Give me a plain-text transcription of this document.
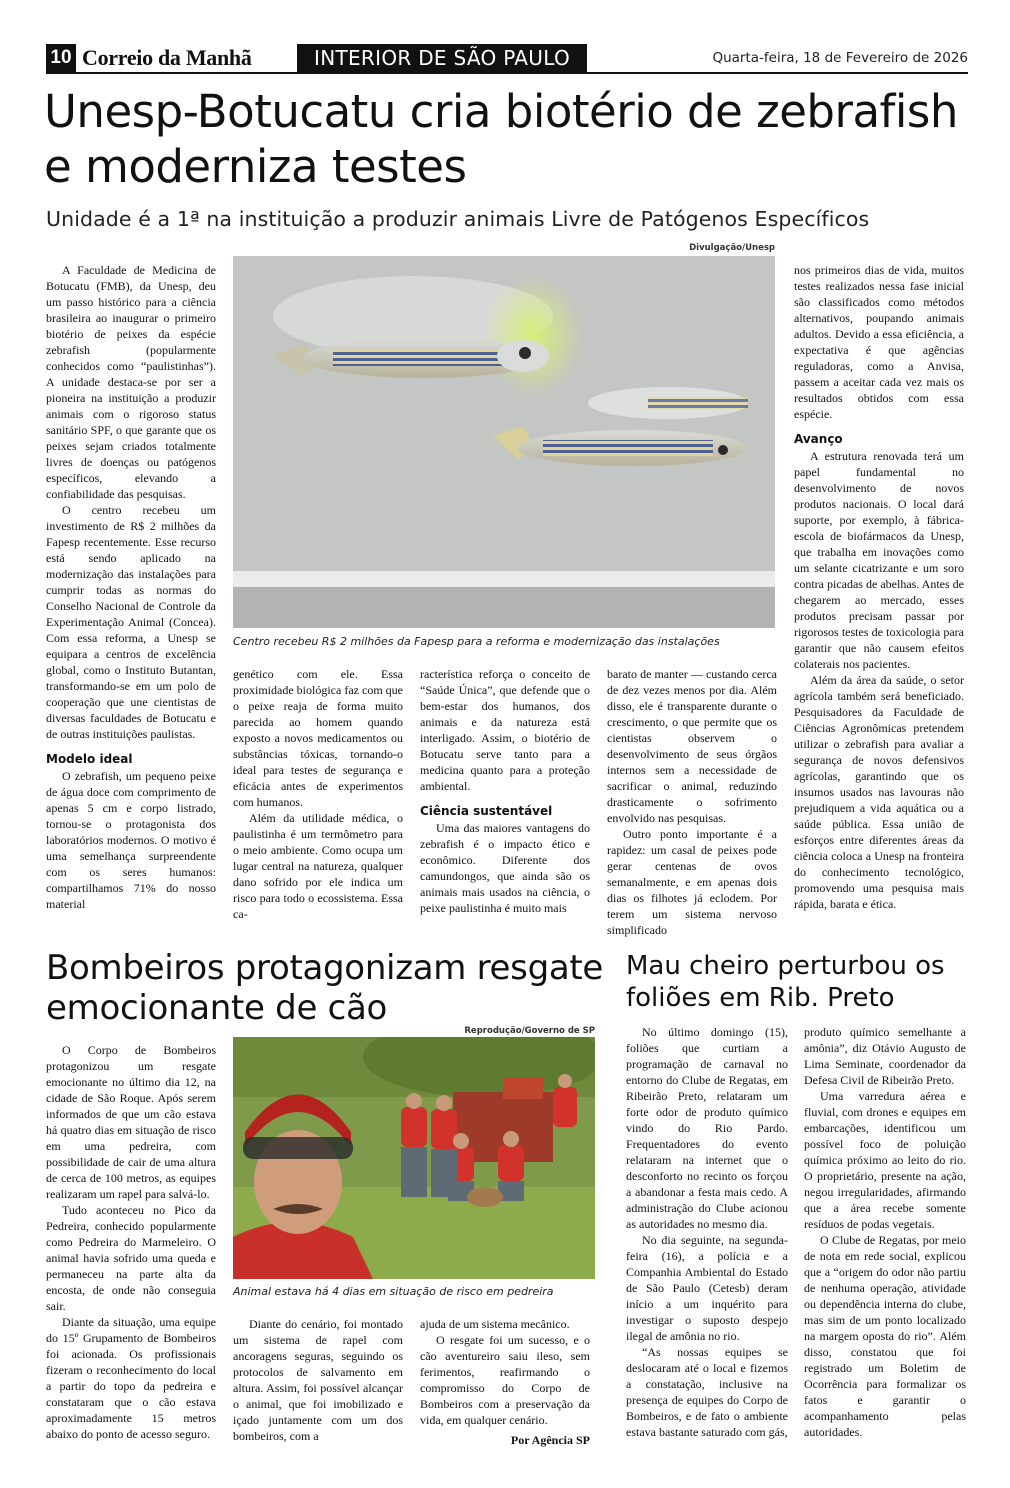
10 Correio da Manhã	INTERIOR DE SÃO PAULO	Quarta-feira, 18 de Fevereiro de 2026
Unesp-Botucatu cria biotério de zebrafish e moderniza testes
Unidade é a 1ª na instituição a produzir animais Livre de Patógenos Específicos
Divulgação/Unesp
Centro recebeu R$ 2 milhões da Fapesp para a reforma e modernização das instalações

A Faculdade de Medicina de Botucatu (FMB), da Unesp, deu um passo histórico para a ciência brasileira ao inaugurar o primeiro biotério de peixes da espécie zebrafish (popularmente conhecidos como “paulistinhas”). A unidade destaca-se por ser a pioneira na instituição a produzir animais com o rigoroso status sanitário SPF, o que garante que os peixes sejam criados totalmente livres de doenças ou patógenos específicos, elevando a confiabilidade das pesquisas.

O centro recebeu um investimento de R$ 2 milhões da Fapesp recentemente. Esse recurso está sendo aplicado na modernização das instalações para cumprir todas as normas do Conselho Nacional de Controle da Experimentação Animal (Concea). Com essa reforma, a Unesp se equipara a centros de excelência global, como o Instituto Butantan, transformando-se em um polo de cooperação que une cientistas de diversas faculdades de Botucatu e de outras instituições paulistas.

Modelo ideal

O zebrafish, um pequeno peixe de água doce com comprimento de apenas 5 cm e corpo listrado, tornou-se o protagonista dos laboratórios modernos. O motivo é uma semelhança surpreendente com os seres humanos: compartilhamos 71% do nosso material

genético com ele. Essa proximidade biológica faz com que o peixe reaja de forma muito parecida ao homem quando exposto a novos medicamentos ou substâncias tóxicas, tornando-o ideal para testes de segurança e eficácia antes de experimentos com humanos.

Além da utilidade médica, o paulistinha é um termômetro para o meio ambiente. Como ocupa um lugar central na natureza, qualquer dano sofrido por ele indica um risco para todo o ecossistema. Essa ca-

racterística reforça o conceito de “Saúde Única”, que defende que o bem-estar dos humanos, dos animais e da natureza está interligado. Assim, o biotério de Botucatu serve tanto para a medicina quanto para a proteção ambiental.

Ciência sustentável

Uma das maiores vantagens do zebrafish é o impacto ético e econômico. Diferente dos camundongos, que ainda são os animais mais usados na ciência, o peixe paulistinha é muito mais

barato de manter — custando cerca de dez vezes menos por dia. Além disso, ele é transparente durante o crescimento, o que permite que os cientistas observem o desenvolvimento de seus órgãos internos sem a necessidade de sacrificar o animal, reduzindo drasticamente o sofrimento envolvido nas pesquisas.

Outro ponto importante é a rapidez: um casal de peixes pode gerar centenas de ovos semanalmente, e em apenas dois dias os filhotes já eclodem. Por terem um sistema nervoso simplificado

nos primeiros dias de vida, muitos testes realizados nessa fase inicial são classificados como métodos alternativos, poupando animais adultos. Devido a essa eficiência, a expectativa é que agências reguladoras, como a Anvisa, passem a aceitar cada vez mais os resultados obtidos com essa espécie.

Avanço

A estrutura renovada terá um papel fundamental no desenvolvimento de novos produtos nacionais. O local dará suporte, por exemplo, à fábrica-escola de biofármacos da Unesp, que trabalha em inovações como um selante cicatrizante e um soro contra picadas de abelhas. Antes de chegarem ao mercado, esses produtos precisam passar por rigorosos testes de toxicologia para garantir que não causem efeitos colaterais nos pacientes.

Além da área da saúde, o setor agrícola também será beneficiado. Pesquisadores da Faculdade de Ciências Agronômicas pretendem utilizar o zebrafish para avaliar a segurança de novos defensivos agrícolas, garantindo que os insumos usados nas lavouras não prejudiquem a vida aquática ou a saúde pública. Essa união de esforços entre diferentes áreas da ciência coloca a Unesp na fronteira do conhecimento tecnológico, promovendo uma pesquisa mais rápida, barata e ética.

Bombeiros protagonizam resgate emocionante de cão
Reprodução/Governo de SP
Animal estava há 4 dias em situação de risco em pedreira

O Corpo de Bombeiros protagonizou um resgate emocionante no último dia 12, na cidade de São Roque. Após serem informados de que um cão estava há quatro dias em situação de risco em uma pedreira, com possibilidade de cair de uma altura de cerca de 100 metros, as equipes realizaram um rapel para salvá-lo.

Tudo aconteceu no Pico da Pedreira, conhecido popularmente como Pedreira do Marmeleiro. O animal havia sofrido uma queda e permaneceu na parte alta da encosta, de onde não conseguia sair.

Diante da situação, uma equipe do 15º Grupamento de Bombeiros foi acionada. Os profissionais fizeram o reconhecimento do local a partir do topo da pedreira e constataram que o cão estava aproximadamente 15 metros abaixo do ponto de acesso seguro.

Diante do cenário, foi montado um sistema de rapel com ancoragens seguras, seguindo os protocolos de salvamento em altura. Assim, foi possível alcançar o animal, que foi imobilizado e içado juntamente com um dos bombeiros, com a

ajuda de um sistema mecânico.

O resgate foi um sucesso, e o cão aventureiro saiu ileso, sem ferimentos, reafirmando o compromisso do Corpo de Bombeiros com a preservação da vida, em qualquer cenário.

Por Agência SP

Mau cheiro perturbou os foliões em Rib. Preto

No último domingo (15), foliões que curtiam a programação de carnaval no entorno do Clube de Regatas, em Ribeirão Preto, relataram um forte odor de produto químico vindo do Rio Pardo. Frequentadores do evento relataram na internet que o desconforto no recinto os forçou a abandonar a festa mais cedo. A administração do Clube acionou as autoridades no mesmo dia.

No dia seguinte, na segunda-feira (16), a polícia e a Companhia Ambiental do Estado de São Paulo (Cetesb) deram início a um inquérito para investigar o suposto despejo ilegal de amônia no rio.

“As nossas equipes se deslocaram até o local e fizemos a constatação, inclusive na presença de equipes do Corpo de Bombeiros, e de fato o ambiente estava bastante saturado com gás,

produto químico semelhante a amônia”, diz Otávio Augusto de Lima Seminate, coordenador da Defesa Civil de Ribeirão Preto.

Uma varredura aérea e fluvial, com drones e equipes em embarcações, identificou um possível foco de poluição química próximo ao leito do rio. O proprietário, presente na ação, negou irregularidades, afirmando que a área recebe somente resíduos de podas vegetais.

O Clube de Regatas, por meio de nota em rede social, explicou que a “origem do odor não partiu de nenhuma operação, atividade ou dependência interna do clube, mas sim de um ponto localizado na margem oposta do rio”. Além disso, constatou que foi registrado um Boletim de Ocorrência para formalizar os fatos e garantir o acompanhamento pelas autoridades.
